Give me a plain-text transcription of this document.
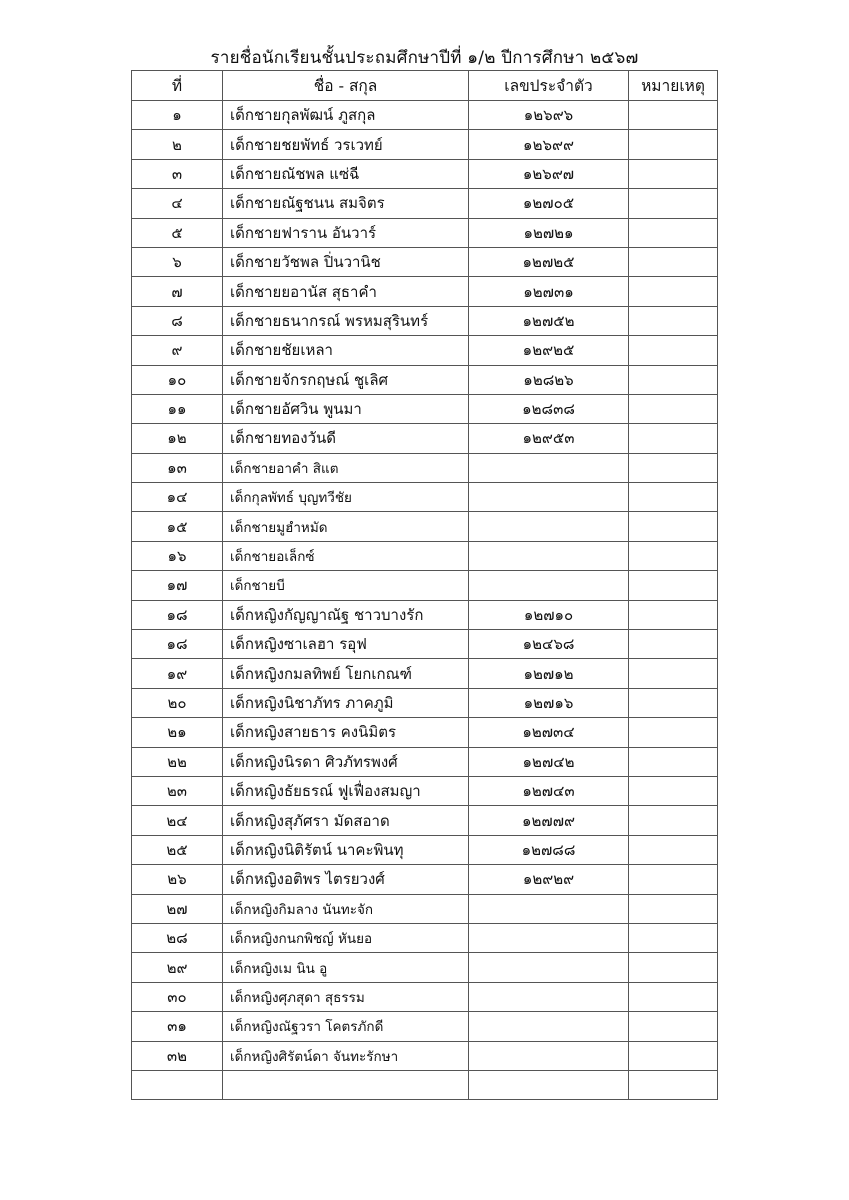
รายชื่อนักเรียนชั้นประถมศึกษาปีที่ ๑/๒ ปีการศึกษา ๒๕๖๗
ที่	ชื่อ - สกุล	เลขประจำตัว	หมายเหตุ
๑	เด็กชายกุลพัฒน์ ภูสกุล	๑๒๖๙๖	
๒	เด็กชายชยพัทธ์ วรเวทย์	๑๒๖๙๙	
๓	เด็กชายณัชพล แซ่ฉี	๑๒๖๙๗	
๔	เด็กชายณัฐชนน สมจิตร	๑๒๗๐๕	
๕	เด็กชายฟาราน อันวาร์	๑๒๗๒๑	
๖	เด็กชายวัชพล ปิ่นวานิช	๑๒๗๒๕	
๗	เด็กชายยอานัส สุธาคำ	๑๒๗๓๑	
๘	เด็กชายธนากรณ์ พรหมสุรินทร์	๑๒๗๕๒	
๙	เด็กชายชัยเหลา	๑๒๙๒๕	
๑๐	เด็กชายจักรกฤษณ์ ชูเลิศ	๑๒๘๒๖	
๑๑	เด็กชายอัศวิน พูนมา	๑๒๘๓๘	
๑๒	เด็กชายทองวันดี	๑๒๙๕๓	
๑๓	เด็กชายอาคำ สิแต		
๑๔	เด็กกุลพัทธ์ บุญทวีชัย		
๑๕	เด็กชายมูฮำหมัด		
๑๖	เด็กชายอเล็กซ์		
๑๗	เด็กชายบี		
๑๘	เด็กหญิงกัญญาณัฐ ชาวบางรัก	๑๒๗๑๐	
๑๘	เด็กหญิงซาเลฮา รอุฟ	๑๒๔๖๘	
๑๙	เด็กหญิงกมลทิพย์ โยกเกณฑ์	๑๒๗๑๒	
๒๐	เด็กหญิงนิชาภัทร ภาคภูมิ	๑๒๗๑๖	
๒๑	เด็กหญิงสายธาร คงนิมิตร	๑๒๗๓๔	
๒๒	เด็กหญิงนิรดา ศิวภัทรพงศ์	๑๒๗๔๒	
๒๓	เด็กหญิงธัยธรณ์ ฟูเฟื่องสมญา	๑๒๗๔๓	
๒๔	เด็กหญิงสุภัศรา มัดสอาด	๑๒๗๗๙	
๒๕	เด็กหญิงนิติรัตน์ นาคะพินทุ	๑๒๗๘๘	
๒๖	เด็กหญิงอติพร ไตรยวงศ์	๑๒๙๒๙	
๒๗	เด็กหญิงกิมลาง นันทะจัก		
๒๘	เด็กหญิงกนกพิชญ์ หันยอ		
๒๙	เด็กหญิงเม นิน อู		
๓๐	เด็กหญิงศุภสุดา สุธรรม		
๓๑	เด็กหญิงณัฐวรา โคตรภักดี		
๓๒	เด็กหญิงศิรัตน์ดา จันทะรักษา		
